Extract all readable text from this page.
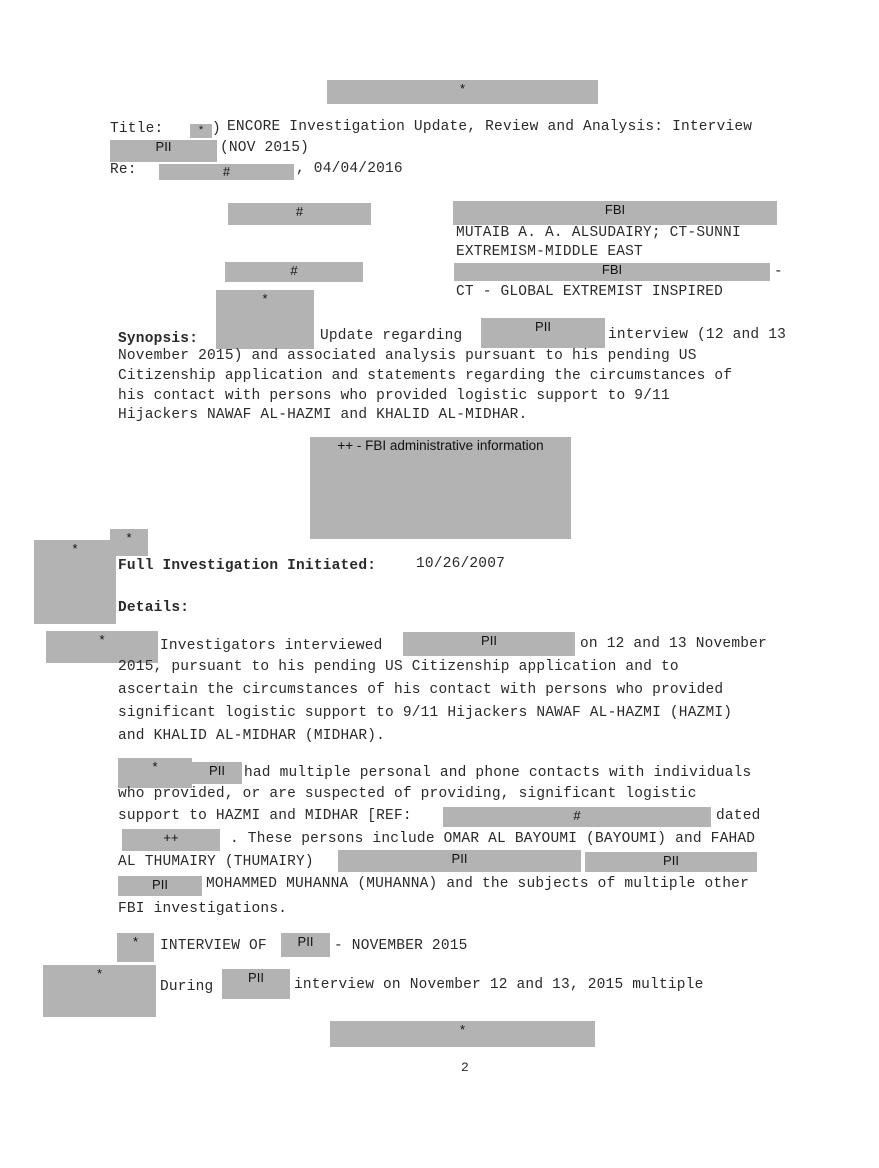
*
Title:	* ) ENCORE Investigation Update, Review and Analysis: Interview
PII	(NOV 2015)
Re:	#	, 04/04/2016
#	FBI
MUTAIB A. A. ALSUDAIRY; CT-SUNNI
EXTREMISM-MIDDLE EAST
#	FBI	-
CT - GLOBAL EXTREMIST INSPIRED
*
Synopsis:	Update regarding
PII
interview (12 and 13
November 2015) and associated analysis pursuant to his pending US
Citizenship application and statements regarding the circumstances of
his contact with persons who provided logistic support to 9/11
Hijackers NAWAF AL-HAZMI and KHALID AL-MIDHAR.
++ - FBI administrative information
*
*
Full Investigation Initiated:	10/26/2007
Details:
*	Investigators interviewed	PII	on 12 and 13 November
2015, pursuant to his pending US Citizenship application and to
ascertain the circumstances of his contact with persons who provided
significant logistic support to 9/11 Hijackers NAWAF AL-HAZMI (HAZMI)
and KHALID AL-MIDHAR (MIDHAR).
*	PII	had multiple personal and phone contacts with individuals
who provided, or are suspected of providing, significant logistic
support to HAZMI and MIDHAR [REF:	#	dated
++	. These persons include OMAR AL BAYOUMI (BAYOUMI) and FAHAD
AL THUMAIRY (THUMAIRY)	PII	PII
PII	MOHAMMED MUHANNA (MUHANNA) and the subjects of multiple other
FBI investigations.
*	INTERVIEW OF	PII	- NOVEMBER 2015
*
During
PII	interview on November 12 and 13, 2015 multiple
*
2
